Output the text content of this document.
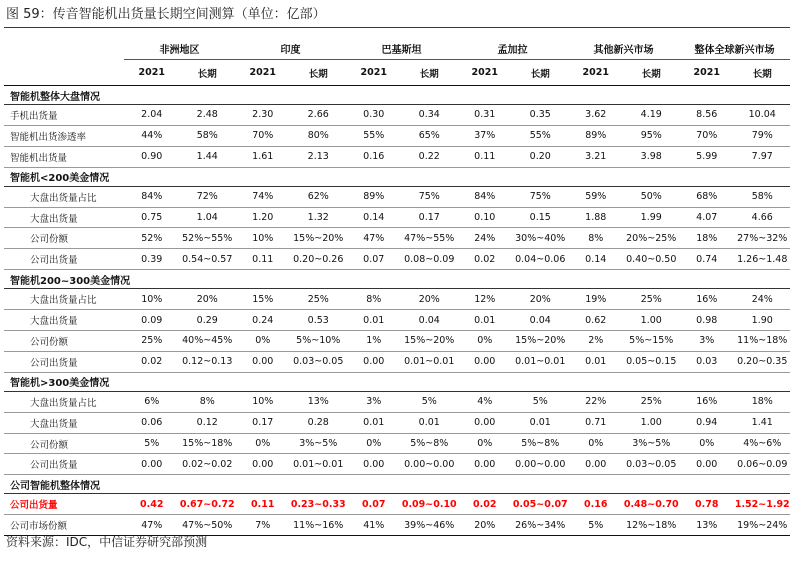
图 59：传音智能机出货量长期空间测算（单位：亿部）
	非洲地区		印度		巴基斯坦		孟加拉		其他新兴市场		整体全球新兴市场	
	2021	长期	2021	长期	2021	长期	2021	长期	2021	长期	2021	长期
智能机整体大盘情况												
手机出货量	2.04	2.48	2.30	2.66	0.30	0.34	0.31	0.35	3.62	4.19	8.56	10.04
智能机出货渗透率	44%	58%	70%	80%	55%	65%	37%	55%	89%	95%	70%	79%
智能机出货量	0.90	1.44	1.61	2.13	0.16	0.22	0.11	0.20	3.21	3.98	5.99	7.97
智能机<200美金情况												
大盘出货量占比	84%	72%	74%	62%	89%	75%	84%	75%	59%	50%	68%	58%
大盘出货量	0.75	1.04	1.20	1.32	0.14	0.17	0.10	0.15	1.88	1.99	4.07	4.66
公司份额	52%	52%~55%	10%	15%~20%	47%	47%~55%	24%	30%~40%	8%	20%~25%	18%	27%~32%
公司出货量	0.39	0.54~0.57	0.11	0.20~0.26	0.07	0.08~0.09	0.02	0.04~0.06	0.14	0.40~0.50	0.74	1.26~1.48
智能机200~300美金情况												
大盘出货量占比	10%	20%	15%	25%	8%	20%	12%	20%	19%	25%	16%	24%
大盘出货量	0.09	0.29	0.24	0.53	0.01	0.04	0.01	0.04	0.62	1.00	0.98	1.90
公司份额	25%	40%~45%	0%	5%~10%	1%	15%~20%	0%	15%~20%	2%	5%~15%	3%	11%~18%
公司出货量	0.02	0.12~0.13	0.00	0.03~0.05	0.00	0.01~0.01	0.00	0.01~0.01	0.01	0.05~0.15	0.03	0.20~0.35
智能机>300美金情况												
大盘出货量占比	6%	8%	10%	13%	3%	5%	4%	5%	22%	25%	16%	18%
大盘出货量	0.06	0.12	0.17	0.28	0.01	0.01	0.00	0.01	0.71	1.00	0.94	1.41
公司份额	5%	15%~18%	0%	3%~5%	0%	5%~8%	0%	5%~8%	0%	3%~5%	0%	4%~6%
公司出货量	0.00	0.02~0.02	0.00	0.01~0.01	0.00	0.00~0.00	0.00	0.00~0.00	0.00	0.03~0.05	0.00	0.06~0.09
公司智能机整体情况												
公司出货量	0.42	0.67~0.72	0.11	0.23~0.33	0.07	0.09~0.10	0.02	0.05~0.07	0.16	0.48~0.70	0.78	1.52~1.92
公司市场份额	47%	47%~50%	7%	11%~16%	41%	39%~46%	20%	26%~34%	5%	12%~18%	13%	19%~24%
资料来源：IDC，中信证券研究部预测
